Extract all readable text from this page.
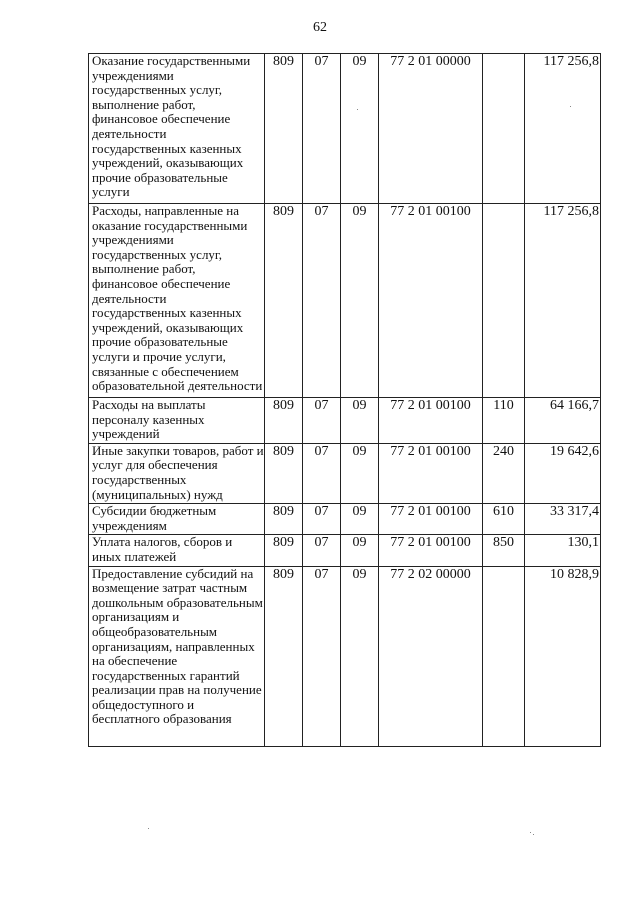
62
Оказание государственными учреждениями государственных услуг, выполнение работ, финансовое обеспечение деятельности государственных казенных учреждений, оказывающих прочие образовательные услуги	809	07	09	77 2 01 00000		117 256,8
Расходы, направленные на оказание государственными учреждениями государственных услуг, выполнение работ, финансовое обеспечение деятельности государственных казенных учреждений, оказывающих прочие образовательные услуги и прочие услуги, связанные с обеспечением образовательной деятельности	809	07	09	77 2 01 00100		117 256,8
Расходы на выплаты персоналу казенных учреждений	809	07	09	77 2 01 00100	110	64 166,7
Иные закупки товаров, работ и услуг для обеспечения государственных (муниципальных) нужд	809	07	09	77 2 01 00100	240	19 642,6
Субсидии бюджетным учреждениям	809	07	09	77 2 01 00100	610	33 317,4
Уплата налогов, сборов и иных платежей	809	07	09	77 2 01 00100	850	130,1
Предоставление субсидий на возмещение затрат частным дошкольным образовательным организациям и общеобразовательным организациям, направленных на обеспечение государственных гарантий реализации прав на получение общедоступного и бесплатного образования	809	07	09	77 2 02 00000		10 828,9
